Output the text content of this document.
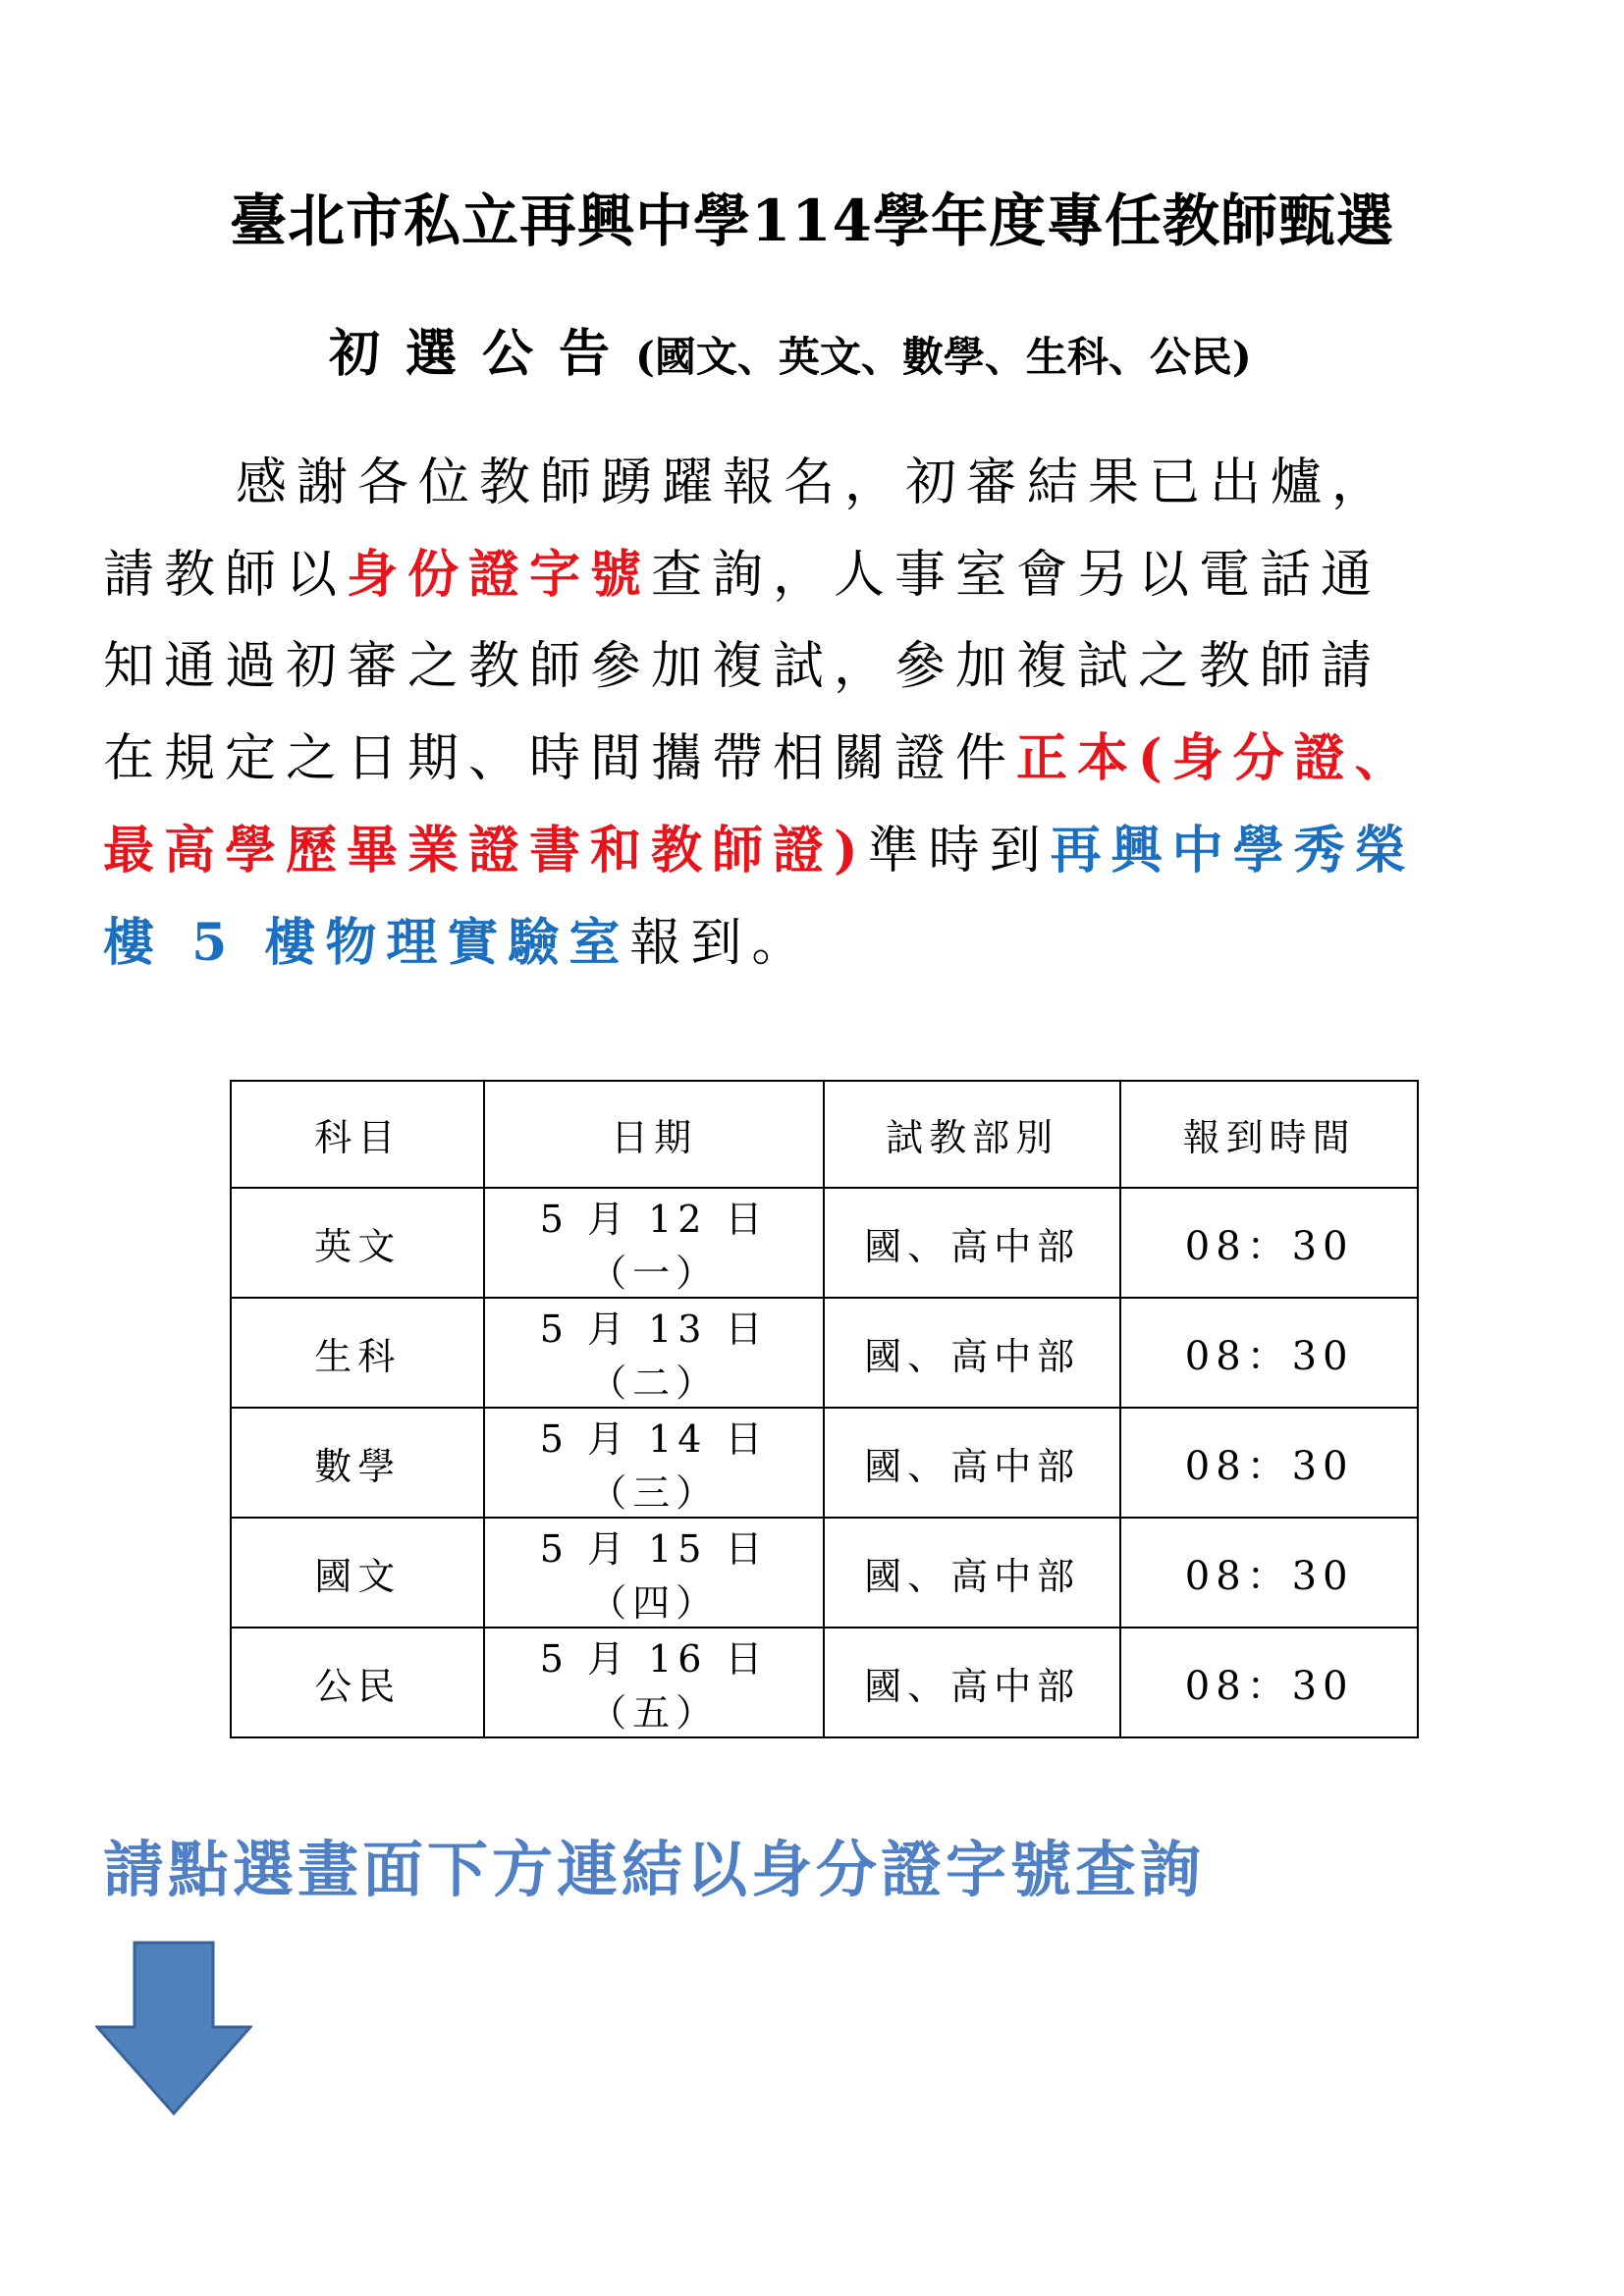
臺北市私立再興中學114學年度專任教師甄選
初選公告(國文、英文、數學、生科、公民)
感謝各位教師踴躍報名，初審結果已出爐，
請教師以身份證字號查詢，人事室會另以電話通
知通過初審之教師參加複試，參加複試之教師請
在規定之日期、時間攜帶相關證件正本(身分證、
最高學歷畢業證書和教師證)準時到再興中學秀榮
樓 5 樓物理實驗室報到。
科目	日期	試教部別	報到時間
英文	5 月 12 日（一）	國、高中部	08：30
生科	5 月 13 日（二）	國、高中部	08：30
數學	5 月 14 日（三）	國、高中部	08：30
國文	5 月 15 日（四）	國、高中部	08：30
公民	5 月 16 日（五）	國、高中部	08：30
請點選畫面下方連結以身分證字號查詢
